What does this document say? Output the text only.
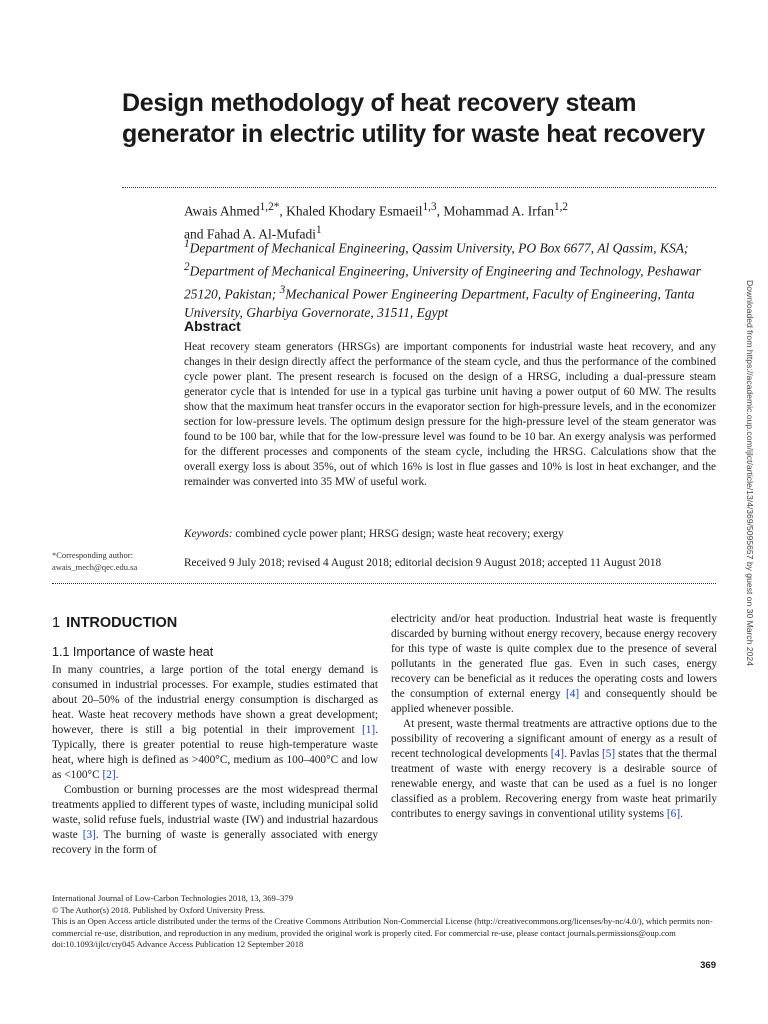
Design methodology of heat recovery steam generator in electric utility for waste heat recovery
Awais Ahmed$^{1,2*}$, Khaled Khodary Esmaeil$^{1,3}$, Mohammad A. Irfan$^{1,2}$
and Fahad A. Al-Mufadi$^1$
$^1$Department of Mechanical Engineering, Qassim University, PO Box 6677, Al Qassim, KSA; $^2$Department of Mechanical Engineering, University of Engineering and Technology, Peshawar 25120, Pakistan; $^3$Mechanical Power Engineering Department, Faculty of Engineering, Tanta University, Gharbiya Governorate, 31511, Egypt
Abstract

Heat recovery steam generators (HRSGs) are important components for industrial waste heat recovery, and any changes in their design directly affect the performance of the steam cycle, and thus the performance of the combined cycle power plant. The present research is focused on the design of a HRSG, including a dual-pressure steam generator cycle that is intended for use in a typical gas turbine unit having a power output of 60 MW. The results show that the maximum heat transfer occurs in the evaporator section for high-pressure levels, and in the economizer section for low-pressure levels. The optimum design pressure for the high-pressure level of the steam generator was found to be 100 bar, while that for the low-pressure level was found to be 10 bar. An exergy analysis was performed for the different processes and components of the steam cycle, including the HRSG. Calculations show that the overall exergy loss is about 35%, out of which 16% is lost in flue gasses and 10% is lost in heat exchanger, and the remainder was converted into 35 MW of useful work.

Keywords: combined cycle power plant; HRSG design; waste heat recovery; exergy
*Corresponding author:
awais_mech@qec.edu.sa	Received 9 July 2018; revised 4 August 2018; editorial decision 9 August 2018; accepted 11 August 2018
1 INTRODUCTION
1.1 Importance of waste heat

In many countries, a large portion of the total energy demand is consumed in industrial processes. For example, studies estimated that about 20–50% of the industrial energy consumption is discharged as heat. Waste heat recovery methods have shown a great development; however, there is still a big potential in their improvement [1]. Typically, there is greater potential to reuse high-temperature waste heat, where high is defined as >400°C, medium as 100–400°C and low as <100°C [2].

Combustion or burning processes are the most widespread thermal treatments applied to different types of waste, including municipal solid waste, solid refuse fuels, industrial waste (IW) and industrial hazardous waste [3]. The burning of waste is generally associated with energy recovery in the form of

electricity and/or heat production. Industrial heat waste is frequently discarded by burning without energy recovery, because energy recovery for this type of waste is quite complex due to the presence of several pollutants in the generated flue gas. Even in such cases, energy recovery can be beneficial as it reduces the operating costs and lowers the consumption of external energy [4] and consequently should be applied whenever possible.

At present, waste thermal treatments are attractive options due to the possibility of recovering a significant amount of energy as a result of recent technological developments [4]. Pavlas [5] states that the thermal treatment of waste with energy recovery is a desirable source of renewable energy, and waste that can be used as a fuel is no longer classified as a problem. Recovering energy from waste heat primarily contributes to energy savings in conventional utility systems [6].

International Journal of Low-Carbon Technologies 2018, 13, 369–379
© The Author(s) 2018. Published by Oxford University Press.
This is an Open Access article distributed under the terms of the Creative Commons Attribution Non-Commercial License (http://creativecommons.org/licenses/by-nc/4.0/), which permits non-commercial re-use, distribution, and reproduction in any medium, provided the original work is properly cited. For commercial re-use, please contact journals.permissions@oup.com
doi:10.1093/ijlct/cty045 Advance Access Publication 12 September 2018
369
Downloaded from https://academic.oup.com/ijlct/article/13/4/369/5095657 by guest on 30 March 2024
